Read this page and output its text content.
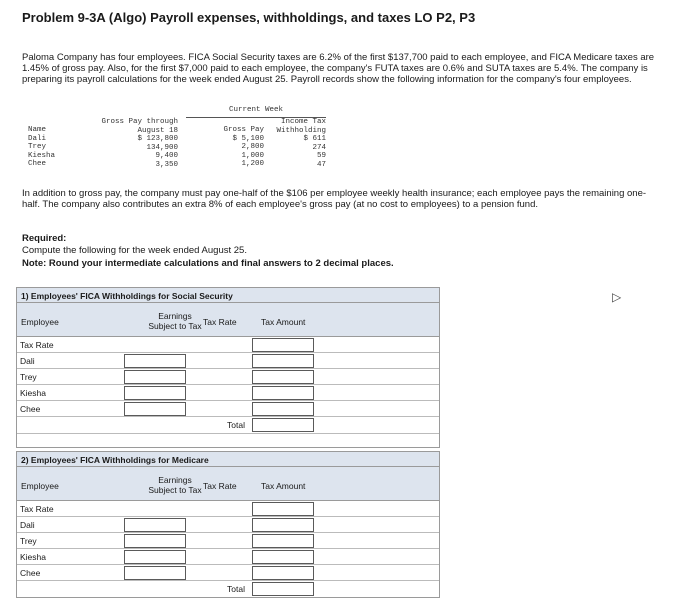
Problem 9-3A (Algo) Payroll expenses, withholdings, and taxes LO P2, P3
Paloma Company has four employees. FICA Social Security taxes are 6.2% of the first $137,700 paid to each employee, and FICA Medicare taxes are 1.45% of gross pay. Also, for the first $7,000 paid to each employee, the company's FUTA taxes are 0.6% and SUTA taxes are 5.4%. The company is preparing its payroll calculations for the week ended August 25. Payroll records show the following information for the company's four employees.
Current Week
Name
Dali
Trey
Kiesha
Chee
Gross Pay through
August 18
$ 123,800
134,900
9,400
3,350
Gross Pay
$ 5,100
2,800
1,000
1,200
Income Tax
Withholding
$ 611
274
59
47
In addition to gross pay, the company must pay one-half of the $106 per employee weekly health insurance; each employee pays the remaining one-half. The company also contributes an extra 8% of each employee's gross pay (at no cost to employees) to a pension fund.
Required:
Compute the following for the week ended August 25.
Note: Round your intermediate calculations and final answers to 2 decimal places.
1) Employees' FICA Withholdings for Social Security
Employee
Earnings
Subject to Tax Tax Rate	Tax Amount
Tax Rate
Dali
Trey
Kiesha
Chee
Total
2) Employees' FICA Withholdings for Medicare
Employee
Earnings
Subject to Tax Tax Rate	Tax Amount
Tax Rate
Dali
Trey
Kiesha
Chee
Total
▷
